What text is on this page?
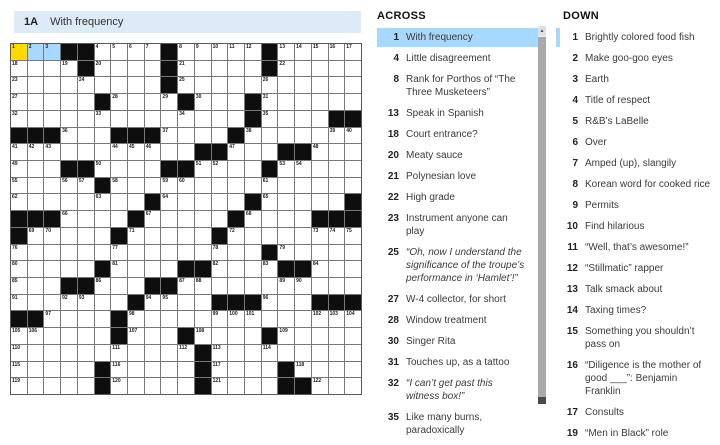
1A	With frequency
1	2	3	4	5	6	7	8	9	10 11 12	13 14 15 16 17
18	19	20	21	22
23	24	25	26
27	28	29	30	31
32	33	34	35
36	37	38	39 40
41 42 43	44 45 46	47	48
49	50	51 52	53 54
55	56 57	58	59 60	61
62	63	64	65
66	67	68
69 70	71	72	73 74 75
76	77	78	79
80	81	82	83	84
85	86	87 88	89 90
91	92 93	94 95	96
97	98	99 100 101	102 103 104
105 106	107	108	109
110	111	112	113	114
115	116	117	118
119	120	121	122
ACROSS
1 With frequency
4 Little disagreement
8 Rank for Porthos of “The Three Musketeers”
13 Speak in Spanish
18 Court entrance?
20 Meaty sauce
21 Polynesian love
22 High grade
23 Instrument anyone can play
25 “Oh, now I understand the significance of the troupe’s performance in ‘Hamlet’!”
27 W-4 collector, for short
28 Window treatment
30 Singer Rita
31 Touches up, as a tattoo
32 “I can’t get past this witness box!”
35 Like many burns, paradoxically
▲
DOWN
1 Brightly colored food fish
2 Make goo-goo eyes
3 Earth
4 Title of respect
5 R&B’s LaBelle
6 Over
7 Amped (up), slangily
8 Korean word for cooked rice
9 Permits
10 Find hilarious
11 “Well, that’s awesome!”
12 “Stillmatic” rapper
13 Talk smack about
14 Taxing times?
15 Something you shouldn’t pass on
16 “Diligence is the mother of good ___”: Benjamin Franklin
17 Consults
19 “Men in Black” role
